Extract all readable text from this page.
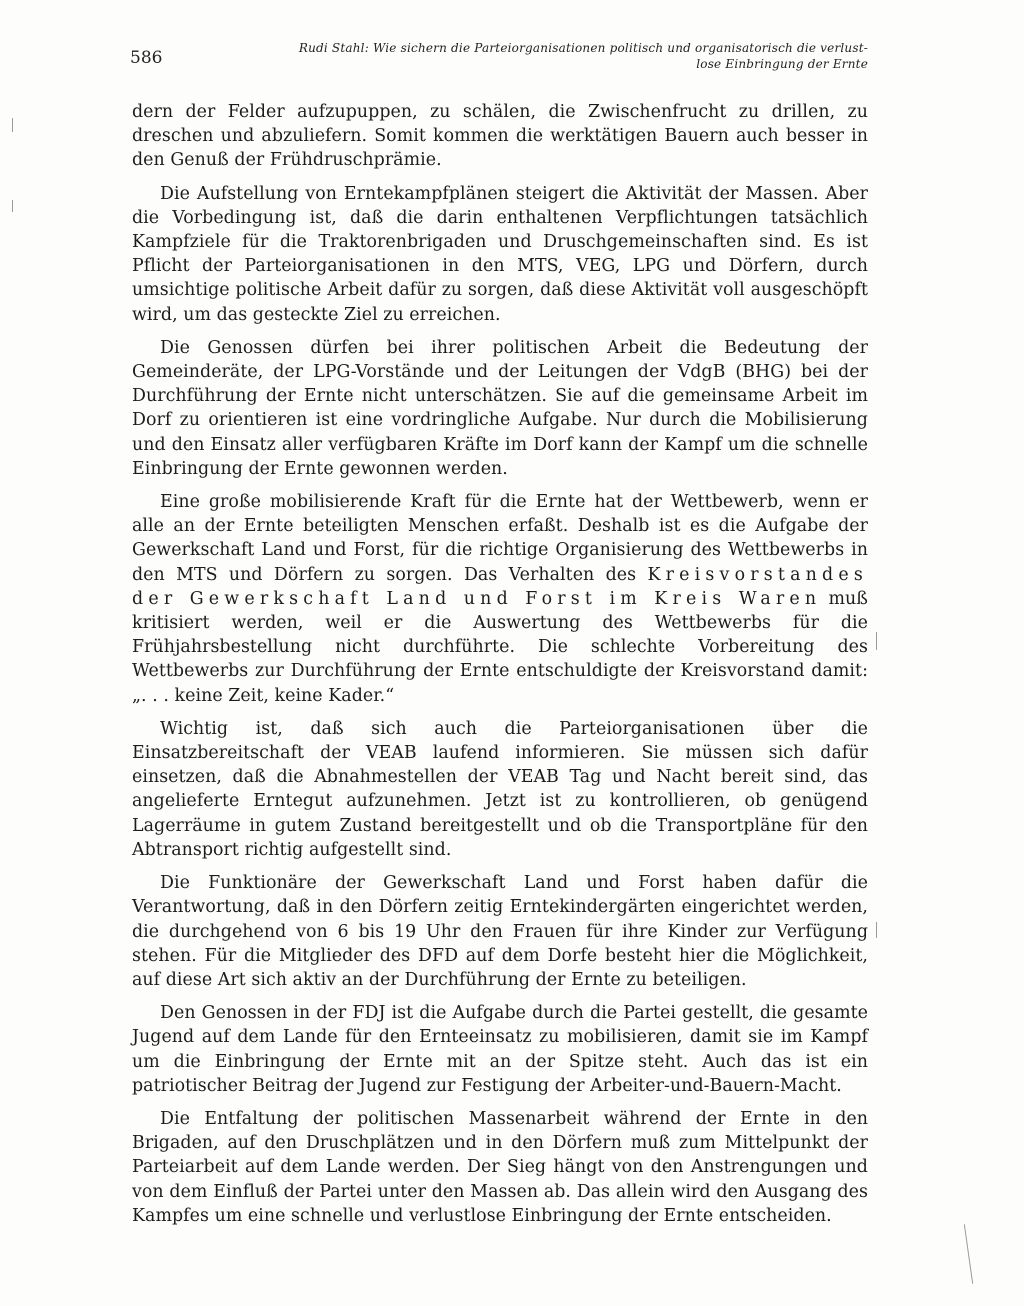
586	Rudi Stahl: Wie sichern die Parteiorganisationen politisch und organisatorisch die verlust-
lose Einbringung der Ernte

dern der Felder aufzupuppen, zu schälen, die Zwischenfrucht zu drillen, zu dreschen und abzuliefern. Somit kommen die werktätigen Bauern auch besser in den Genuß der Frühdruschprämie.

Die Aufstellung von Erntekampfplänen steigert die Aktivität der Massen. Aber die Vorbedingung ist, daß die darin enthaltenen Verpflichtungen tatsächlich Kampfziele für die Traktorenbrigaden und Druschgemeinschaften sind. Es ist Pflicht der Parteiorganisationen in den MTS, VEG, LPG und Dörfern, durch umsichtige politische Arbeit dafür zu sorgen, daß diese Aktivität voll ausgeschöpft wird, um das gesteckte Ziel zu erreichen.

Die Genossen dürfen bei ihrer politischen Arbeit die Bedeutung der Gemeinderäte, der LPG-Vorstände und der Leitungen der VdgB (BHG) bei der Durchführung der Ernte nicht unterschätzen. Sie auf die gemeinsame Arbeit im Dorf zu orientieren ist eine vordringliche Aufgabe. Nur durch die Mobilisierung und den Einsatz aller verfügbaren Kräfte im Dorf kann der Kampf um die schnelle Einbringung der Ernte gewonnen werden.

Eine große mobilisierende Kraft für die Ernte hat der Wettbewerb, wenn er alle an der Ernte beteiligten Menschen erfaßt. Deshalb ist es die Aufgabe der Gewerkschaft Land und Forst, für die richtige Organisierung des Wettbewerbs in den MTS und Dörfern zu sorgen. Das Verhalten des Kreisvorstandes der Gewerkschaft Land und Forst im Kreis Waren muß kritisiert werden, weil er die Auswertung des Wettbewerbs für die Frühjahrsbestellung nicht durchführte. Die schlechte Vorbereitung des Wettbewerbs zur Durchführung der Ernte entschuldigte der Kreisvorstand damit: „. . . keine Zeit, keine Kader.“

Wichtig ist, daß sich auch die Parteiorganisationen über die Einsatzbereitschaft der VEAB laufend informieren. Sie müssen sich dafür einsetzen, daß die Abnahmestellen der VEAB Tag und Nacht bereit sind, das angelieferte Erntegut aufzunehmen. Jetzt ist zu kontrollieren, ob genügend Lagerräume in gutem Zustand bereitgestellt und ob die Transportpläne für den Abtransport richtig aufgestellt sind.

Die Funktionäre der Gewerkschaft Land und Forst haben dafür die Verantwortung, daß in den Dörfern zeitig Erntekindergärten eingerichtet werden, die durchgehend von 6 bis 19 Uhr den Frauen für ihre Kinder zur Verfügung stehen. Für die Mitglieder des DFD auf dem Dorfe besteht hier die Möglichkeit, auf diese Art sich aktiv an der Durchführung der Ernte zu beteiligen.

Den Genossen in der FDJ ist die Aufgabe durch die Partei gestellt, die gesamte Jugend auf dem Lande für den Ernteeinsatz zu mobilisieren, damit sie im Kampf um die Einbringung der Ernte mit an der Spitze steht. Auch das ist ein patriotischer Beitrag der Jugend zur Festigung der Arbeiter-und-Bauern-Macht.

Die Entfaltung der politischen Massenarbeit während der Ernte in den Brigaden, auf den Druschplätzen und in den Dörfern muß zum Mittelpunkt der Parteiarbeit auf dem Lande werden. Der Sieg hängt von den Anstrengungen und von dem Einfluß der Partei unter den Massen ab. Das allein wird den Ausgang des Kampfes um eine schnelle und verlustlose Einbringung der Ernte entscheiden.
